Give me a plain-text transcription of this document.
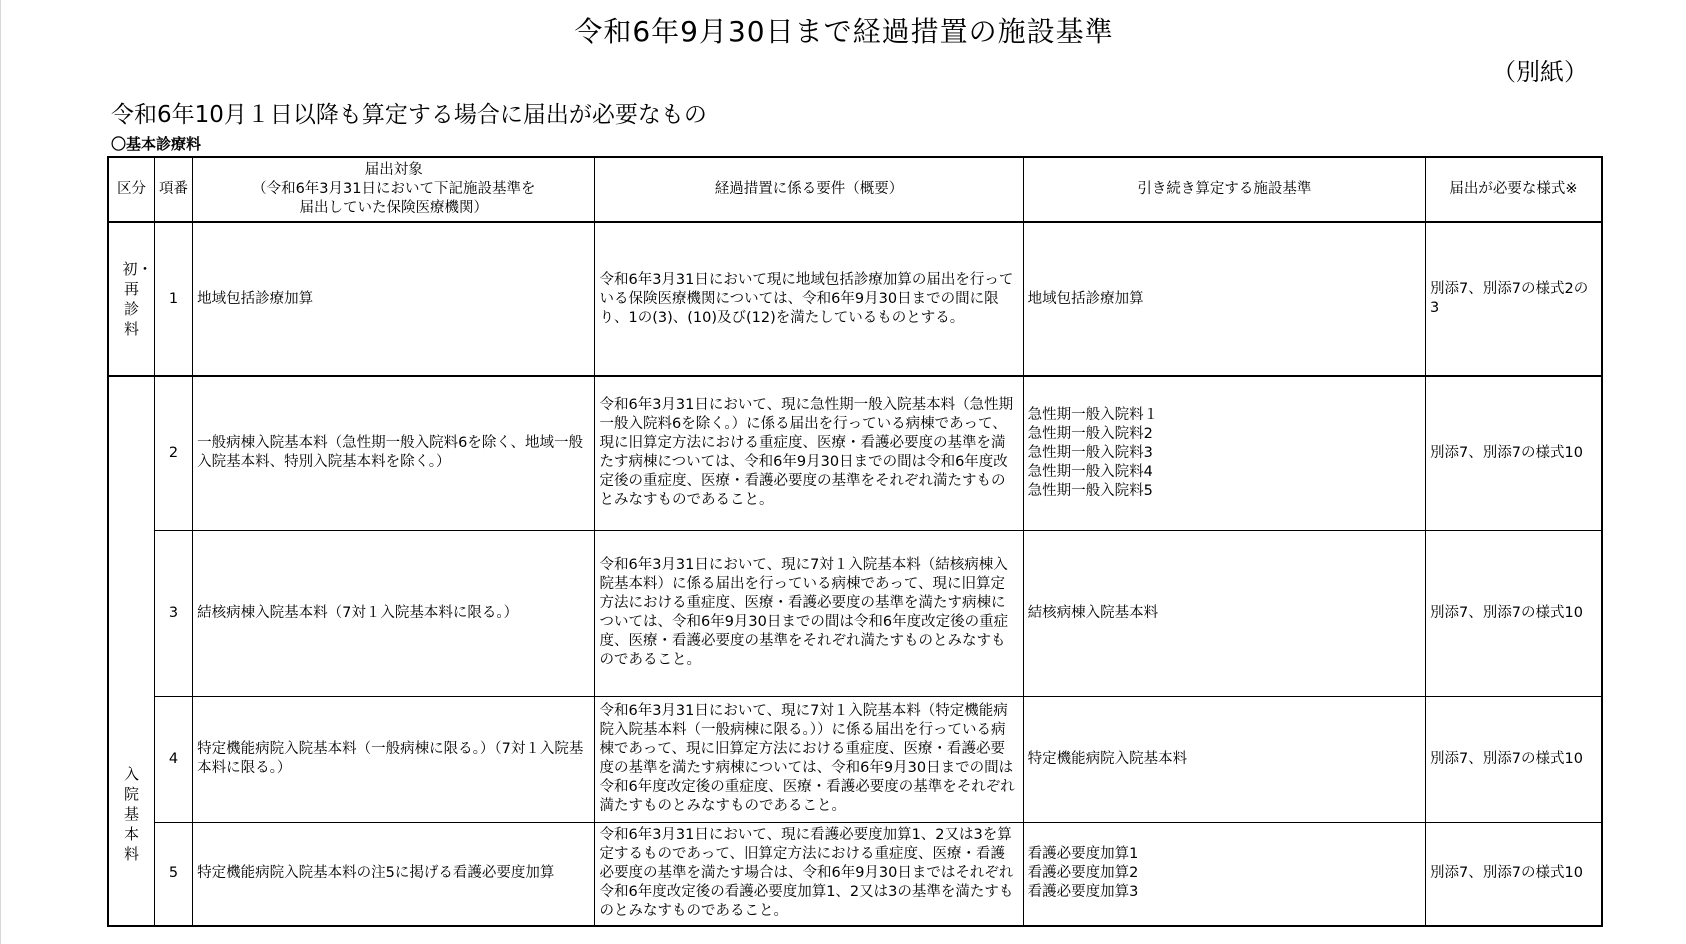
令和6年9月30日まで経過措置の施設基準
（別紙）
令和6年10月１日以降も算定する場合に届出が必要なもの
〇基本診療料
区分	項番	届出対象
（令和6年3月31日において下記施設基準を
届出していた保険医療機関）	経過措置に係る要件（概要）	引き続き算定する施設基準	届出が必要な様式※
初・再診料	1	地域包括診療加算	令和6年3月31日において現に地域包括診療加算の届出を行っている保険医療機関については、令和6年9月30日までの間に限り、1の(3)、(10)及び(12)を満たしているものとする。	地域包括診療加算	別添7、別添7の様式2の3
入院基本料	2	一般病棟入院基本料（急性期一般入院料6を除く、地域一般入院基本料、特別入院基本料を除く。）	令和6年3月31日において、現に急性期一般入院基本料（急性期一般入院料6を除く。）に係る届出を行っている病棟であって、現に旧算定方法における重症度、医療・看護必要度の基準を満たす病棟については、令和6年9月30日までの間は令和6年度改定後の重症度、医療・看護必要度の基準をそれぞれ満たすものとみなすものであること。	急性期一般入院料１
急性期一般入院料2
急性期一般入院料3
急性期一般入院料4
急性期一般入院料5	別添7、別添7の様式10
	3	結核病棟入院基本料（7対１入院基本料に限る。）	令和6年3月31日において、現に7対１入院基本料（結核病棟入院基本料）に係る届出を行っている病棟であって、現に旧算定方法における重症度、医療・看護必要度の基準を満たす病棟については、令和6年9月30日までの間は令和6年度改定後の重症度、医療・看護必要度の基準をそれぞれ満たすものとみなすものであること。	結核病棟入院基本料	別添7、別添7の様式10
	4	特定機能病院入院基本料（一般病棟に限る。）（7対１入院基本料に限る。）	令和6年3月31日において、現に7対１入院基本料（特定機能病院入院基本料（一般病棟に限る。））に係る届出を行っている病棟であって、現に旧算定方法における重症度、医療・看護必要度の基準を満たす病棟については、令和6年9月30日までの間は令和6年度改定後の重症度、医療・看護必要度の基準をそれぞれ満たすものとみなすものであること。	特定機能病院入院基本料	別添7、別添7の様式10
	5	特定機能病院入院基本料の注5に掲げる看護必要度加算	令和6年3月31日において、現に看護必要度加算1、2又は3を算定するものであって、旧算定方法における重症度、医療・看護必要度の基準を満たす場合は、令和6年9月30日まではそれぞれ令和6年度改定後の看護必要度加算1、2又は3の基準を満たすものとみなすものであること。	看護必要度加算1
看護必要度加算2
看護必要度加算3	別添7、別添7の様式10
